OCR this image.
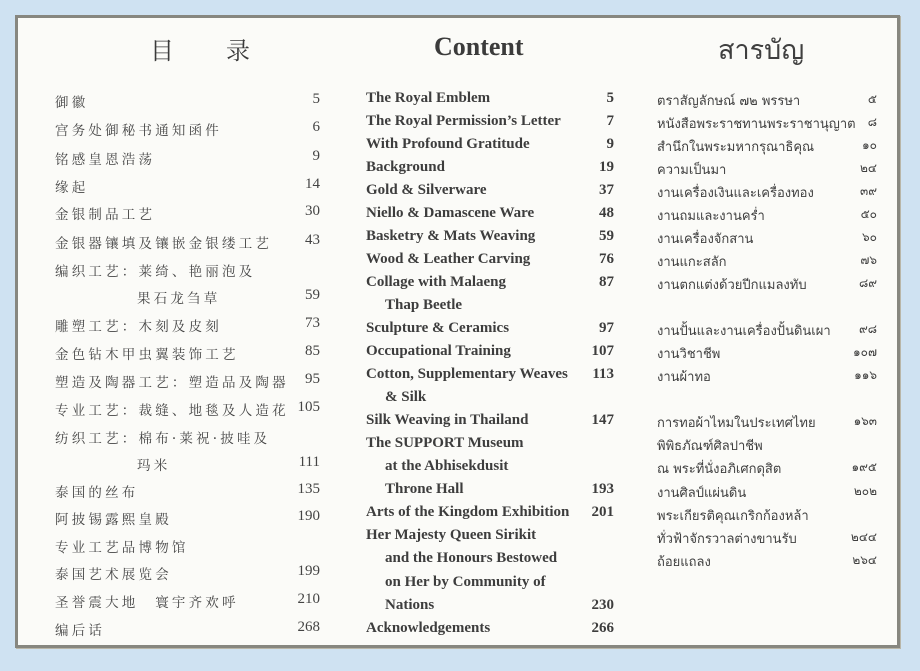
目录	Content	สารบัญ
御徽	5
宫务处御秘书通知函件	6
铭感皇恩浩荡	9
缘起	14
金银制品工艺	30
金银器镶填及镶嵌金银缕工艺	43
编织工艺：莱绮、艳丽泡及
果石龙刍草	59
雕塑工艺：木刻及皮刻	73
金色钻木甲虫翼装饰工艺	85
塑造及陶器工艺：塑造品及陶器	95
专业工艺：裁缝、地毯及人造花 105
纺织工艺：棉布·莱祝·披哇及
玛米	111
泰国的丝布	135
阿披锡露熙皇殿	190
专业工艺品博物馆
泰国艺术展览会	199
圣誉震大地　寰宇齐欢呼	210
编后话	268
The Royal Emblem	5
The Royal Permission’s Letter	7
With Profound Gratitude	9
Background	19
Gold & Silverware	37
Niello & Damascene Ware	48
Basketry & Mats Weaving	59
Wood & Leather Carving	76
Collage with Malaeng	87
Thap Beetle
Sculpture & Ceramics	97
Occupational Training	107
Cotton, Supplementary Weaves	113
& Silk
Silk Weaving in Thailand	147
The SUPPORT Museum
at the Abhisekdusit
Throne Hall	193
Arts of the Kingdom Exhibition	201
Her Majesty Queen Sirikit
and the Honours Bestowed
on Her by Community of
Nations	230
Acknowledgements	266
ตราสัญลักษณ์ ๗๒ พรรษา	๕
หนังสือพระราชทานพระราชานุญาต	๘
สำนึกในพระมหากรุณาธิคุณ	๑๐
ความเป็นมา	๒๔
งานเครื่องเงินและเครื่องทอง	๓๙
งานถมและงานคร่ำ	๕๐
งานเครื่องจักสาน	๖๐
งานแกะสลัก	๗๖
งานตกแต่งด้วยปีกแมลงทับ	๘๙
งานปั้นและงานเครื่องปั้นดินเผา	๙๘
งานวิชาชีพ	๑๐๗
งานผ้าทอ	๑๑๖
การทอผ้าไหมในประเทศไทย	๑๖๓
พิพิธภัณฑ์ศิลปาชีพ
ณ พระที่นั่งอภิเศกดุสิต	๑๙๕
งานศิลป์แผ่นดิน	๒๐๒
พระเกียรติคุณเกริกก้องหล้า
ทั่วฟ้าจักรวาลต่างขานรับ	๒๔๔
ถ้อยแถลง	๒๖๔
